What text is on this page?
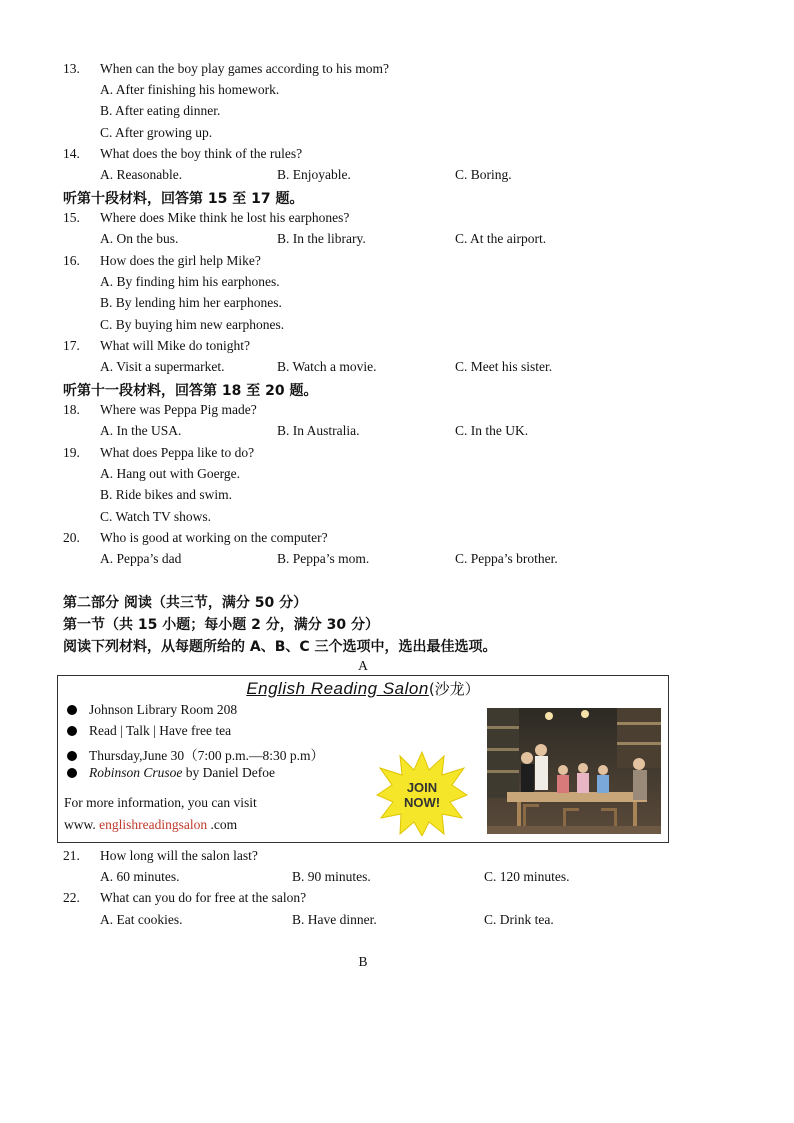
13. When can the boy play games according to his mom?
A. After finishing his homework.
B. After eating dinner.
C. After growing up.
14. What does the boy think of the rules?
A. Reasonable.	B. Enjoyable.	C. Boring.
听第十段材料，回答第 15 至 17 题。
15. Where does Mike think he lost his earphones?
A. On the bus.	B. In the library.	C. At the airport.
16. How does the girl help Mike?
A. By finding him his earphones.
B. By lending him her earphones.
C. By buying him new earphones.
17. What will Mike do tonight?
A. Visit a supermarket.	B. Watch a movie.	C. Meet his sister.
听第十一段材料，回答第 18 至 20 题。
18. Where was Peppa Pig made?
A. In the USA.	B. In Australia.	C. In the UK.
19. What does Peppa like to do?
A. Hang out with Goerge.
B. Ride bikes and swim.
C. Watch TV shows.
20. Who is good at working on the computer?
A. Peppa’s dad	B. Peppa’s mom.	C. Peppa’s brother.
第二部分 阅读（共三节，满分 50 分）
第一节（共 15 小题；每小题 2 分，满分 30 分）
阅读下列材料，从每题所给的 A、B、C 三个选项中，选出最佳选项。
A
English Reading Salon(沙龙）
Johnson Library Room 208
Read | Talk | Have free tea
Thursday,June 30（7:00 p.m.—8:30 p.m）
Robinson Crusoe by Daniel Defoe
For more information, you can visit
www. englishreadingsalon .com
JOIN
NOW!
21. How long will the salon last?
A. 60 minutes.	B. 90 minutes.	C. 120 minutes.
22. What can you do for free at the salon?
A. Eat cookies.	B. Have dinner.	C. Drink tea.
B
